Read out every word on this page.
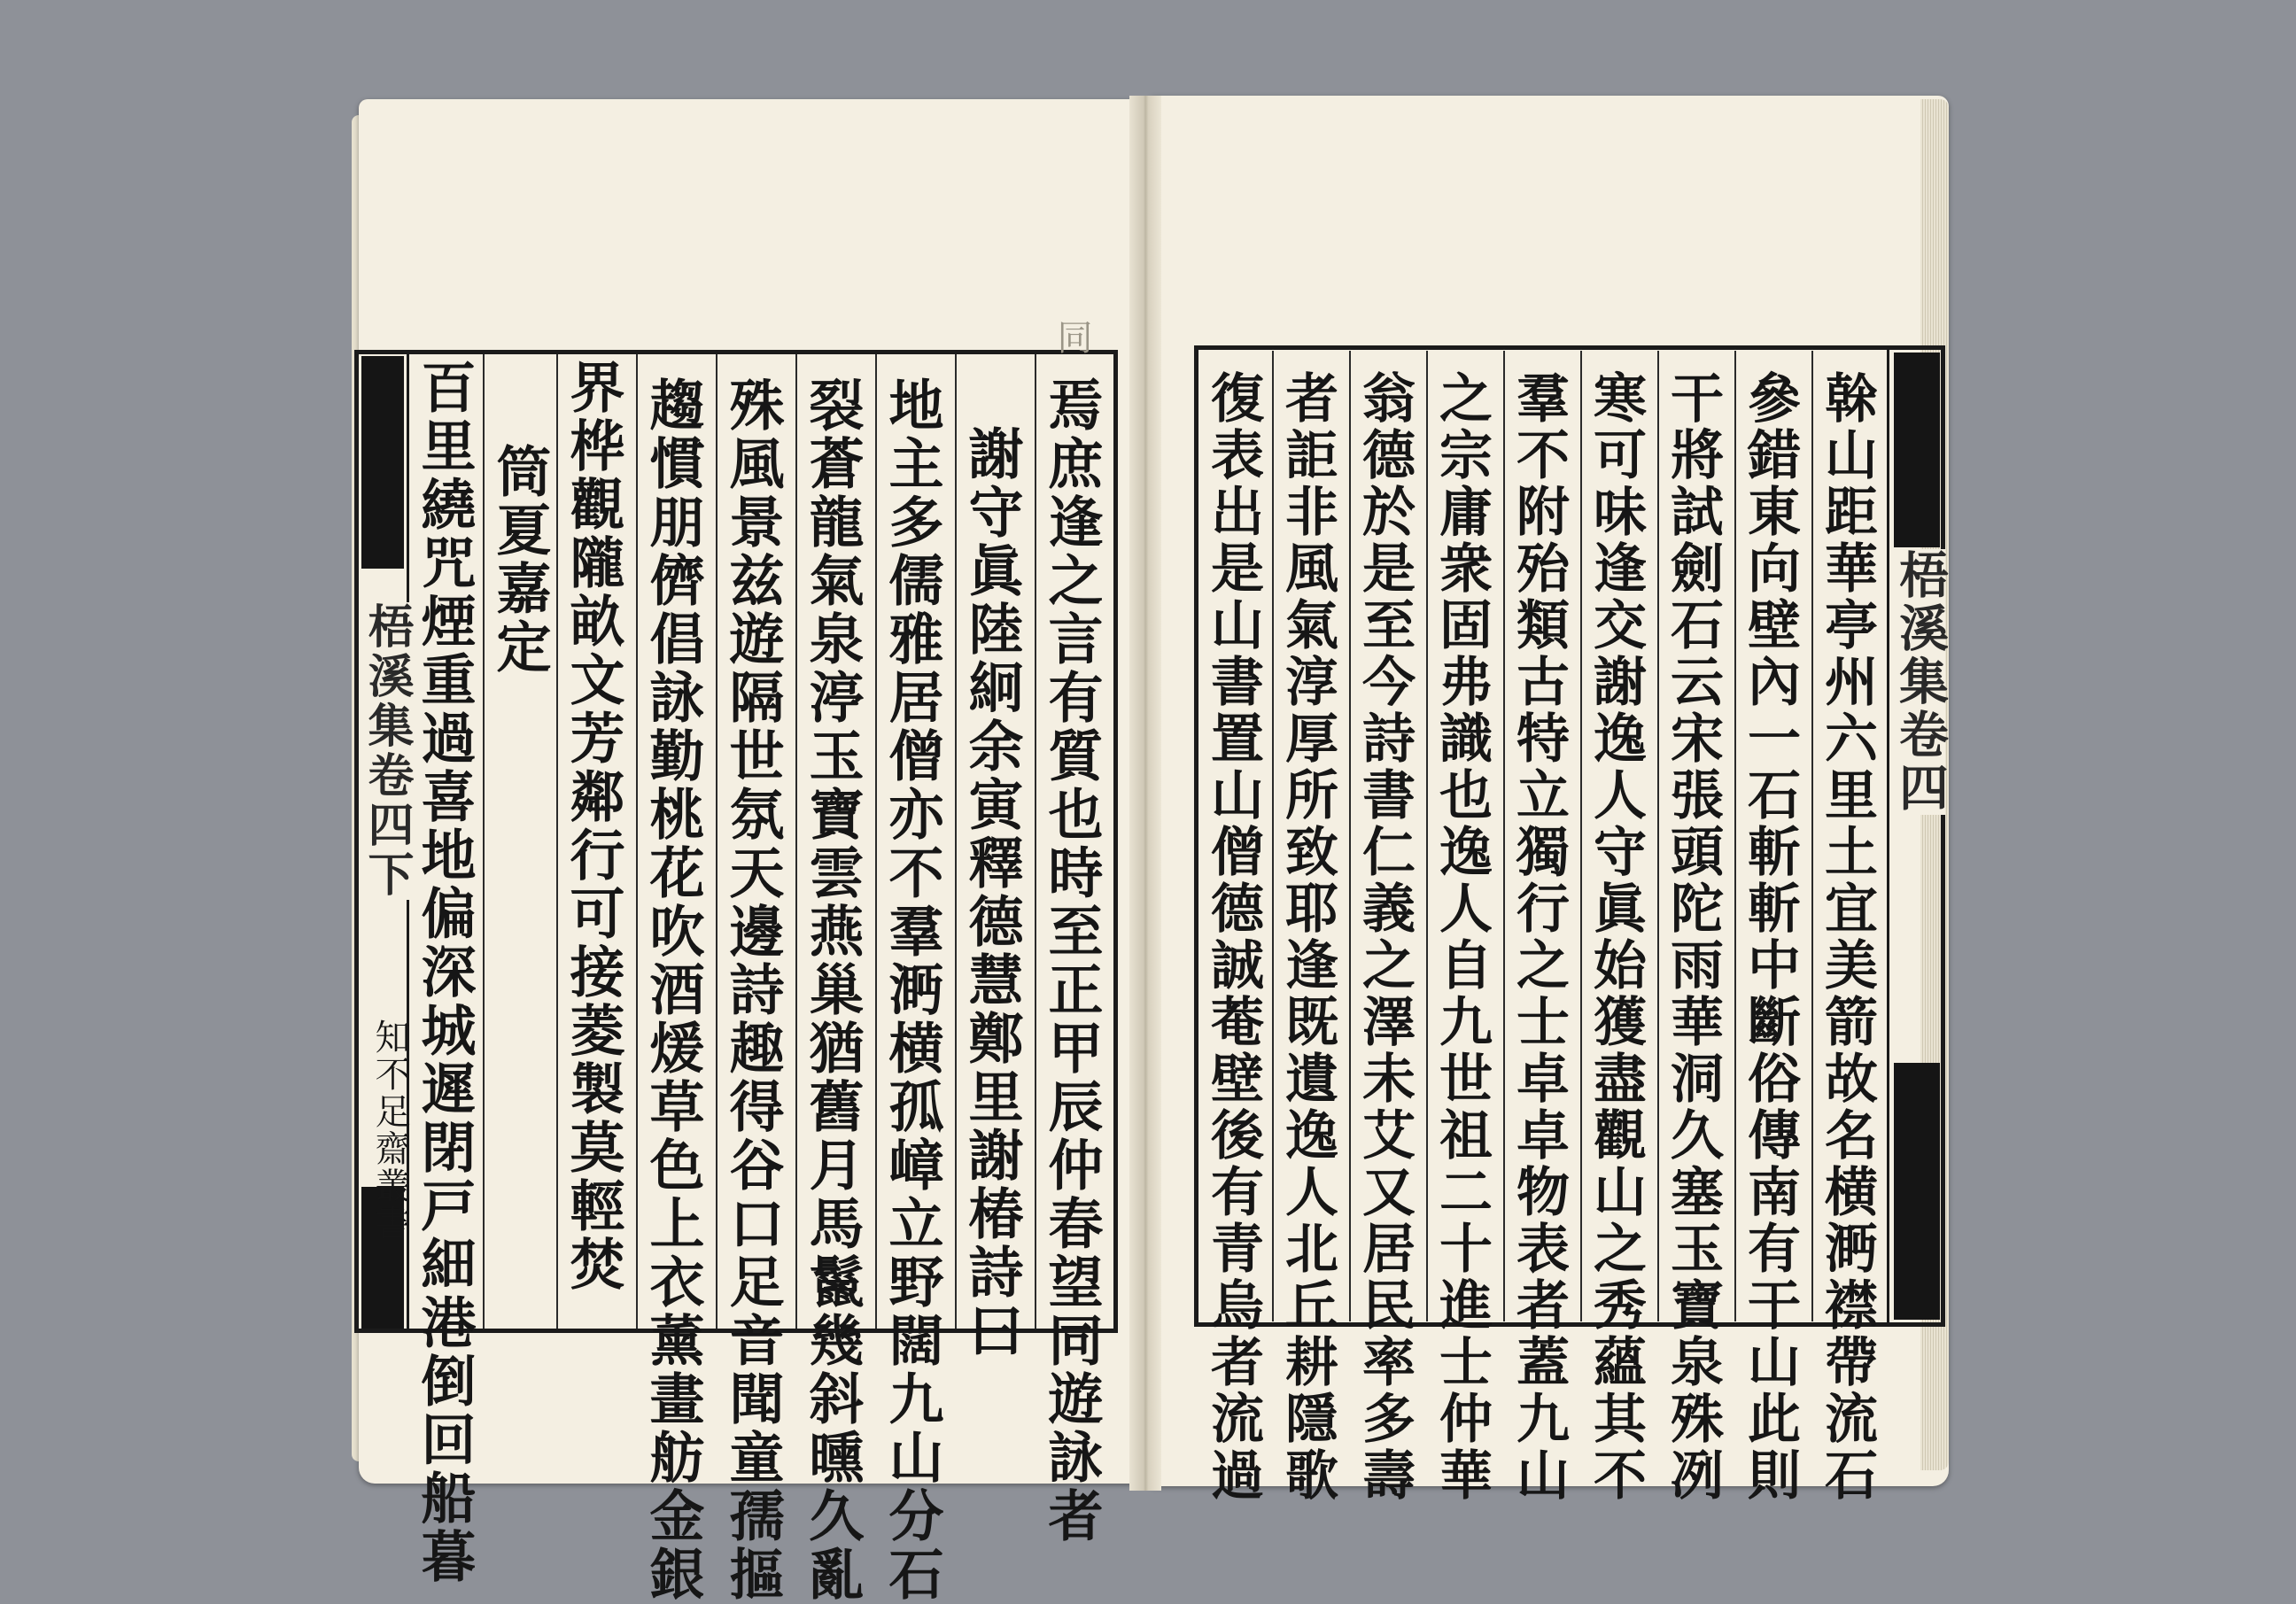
梧溪集卷四下
知不足齋叢書	焉庶逢之言有質也時至正甲辰仲春望同遊詠者
謝守眞陸絅余寅釋德慧鄭里謝椿詩曰
地主多儒雅居僧亦不羣㴐横孤嶂立野闊九山分石
裂蒼龍氣泉渟玉寶雲燕巢猶舊月馬鬣幾斜曛久亂
殊風景兹遊隔世氛天邊詩趣得谷口足音聞童孺摳
趨慣朋儕倡詠勤桃花吹酒煖草色上衣薰畫舫金銀
界桦觀隴畝文芳鄰行可接菱製莫輕焚
筒夏嘉定
百里繞咒煙重過喜地偏深城遲閉戸細港倒回船暮
同
梧溪集卷四
榦山距華亭州六里土宜美箭故名横㴐襟帶流石
參錯東向壁內一石斬斬中斷俗傳南有干山此則
干將試劍石云宋張頭陀雨華洞久塞玉寶泉殊冽
寒可味逢交謝逸人守眞始獲盡觀山之秀蘊其不
羣不附殆類古特立獨行之士卓卓物表者蓋九山
之宗庸衆固弗識也逸人自九世祖二十進士仲華
翁德於是至今詩書仁義之澤未艾又居民率多壽
者詎非風氣淳厚所致耶逢既遺逸人北丘耕隱歌
復表出是山書置山僧德誠菴壁後有青烏者流過
